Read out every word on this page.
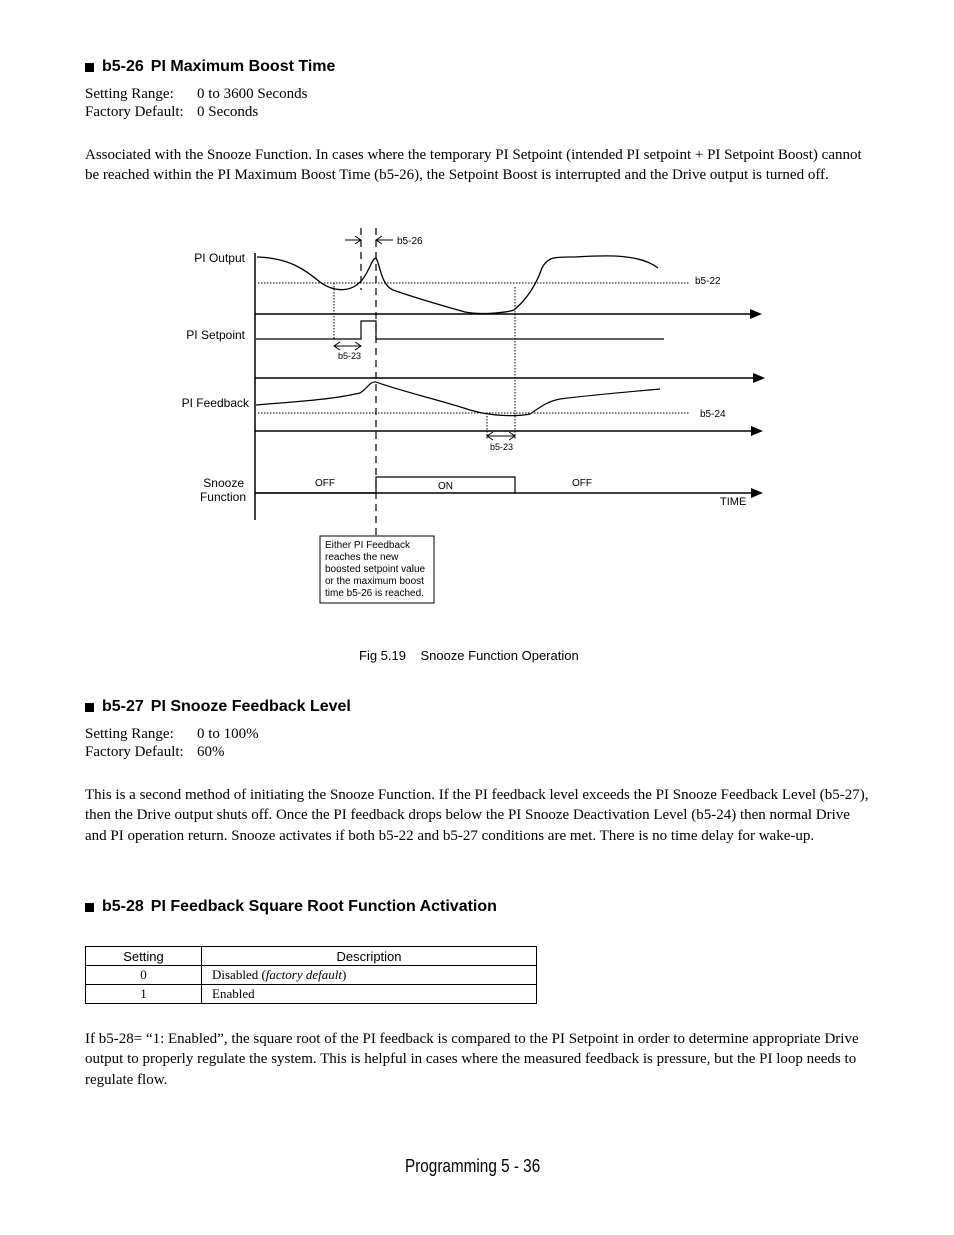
b5-26 PI Maximum Boost Time
Setting Range: 0 to 3600 Seconds
Factory Default: 0 Seconds
Associated with the Snooze Function. In cases where the temporary PI Setpoint (intended PI setpoint + PI Setpoint Boost) cannot be reached within the PI Maximum Boost Time (b5-26), the Setpoint Boost is interrupted and the Drive output is turned off.
PI Output
PI Setpoint
PI Feedback
Snooze
Function
b5-26
b5-22
b5-24
b5-23
b5-23
OFF	ON	OFF
TIME
Either PI Feedback
reaches the new
boosted setpoint value
or the maximum boost
time b5-26 is reached.
Fig 5.19 Snooze Function Operation
b5-27 PI Snooze Feedback Level
Setting Range: 0 to 100%
Factory Default: 60%
This is a second method of initiating the Snooze Function. If the PI feedback level exceeds the PI Snooze Feedback Level (b5-27), then the Drive output shuts off. Once the PI feedback drops below the PI Snooze Deactivation Level (b5-24) then normal Drive and PI operation return. Snooze activates if both b5-22 and b5-27 conditions are met. There is no time delay for wake-up.
b5-28 PI Feedback Square Root Function Activation
Setting	Description
0	Disabled (factory default)
1	Enabled
If b5-28= “1: Enabled”, the square root of the PI feedback is compared to the PI Setpoint in order to determine appropriate Drive output to properly regulate the system. This is helpful in cases where the measured feedback is pressure, but the PI loop needs to regulate flow.
Programming 5 - 36
